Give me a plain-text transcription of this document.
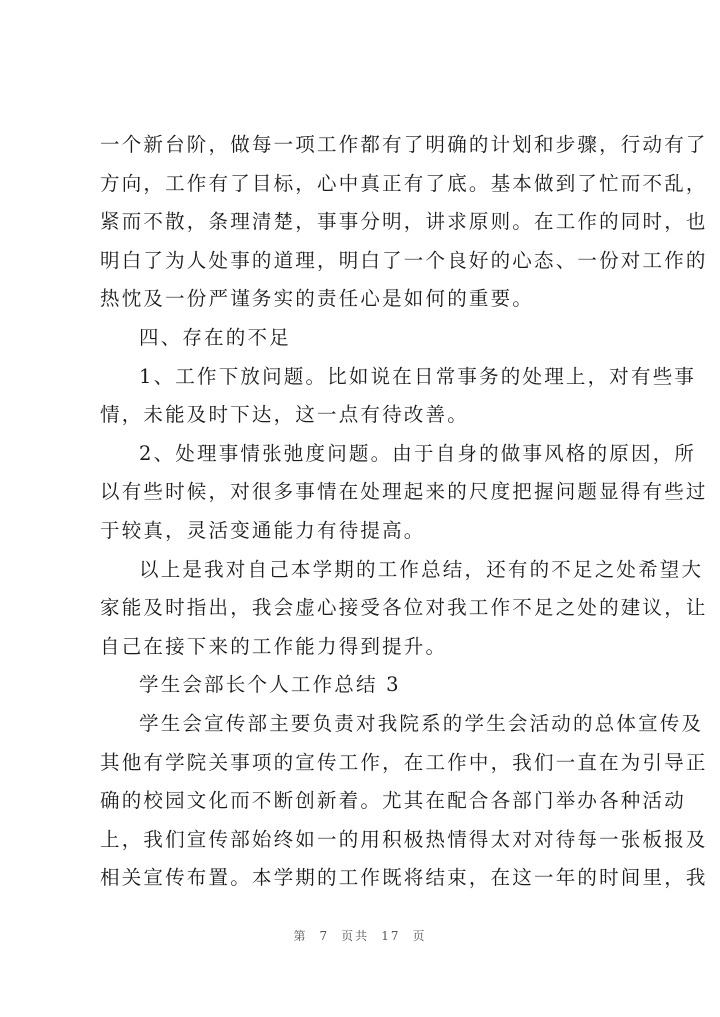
一个新台阶，做每一项工作都有了明确的计划和步骤，行动有了
方向，工作有了目标，心中真正有了底。基本做到了忙而不乱，
紧而不散，条理清楚，事事分明，讲求原则。在工作的同时，也
明白了为人处事的道理，明白了一个良好的心态、一份对工作的
热忱及一份严谨务实的责任心是如何的重要。
四、存在的不足
1、工作下放问题。比如说在日常事务的处理上，对有些事
情，未能及时下达，这一点有待改善。
2、处理事情张弛度问题。由于自身的做事风格的原因，所
以有些时候，对很多事情在处理起来的尺度把握问题显得有些过
于较真，灵活变通能力有待提高。
以上是我对自己本学期的工作总结，还有的不足之处希望大
家能及时指出，我会虚心接受各位对我工作不足之处的建议，让
自己在接下来的工作能力得到提升。
学生会部长个人工作总结 3
学生会宣传部主要负责对我院系的学生会活动的总体宣传及
其他有学院关事项的宣传工作，在工作中，我们一直在为引导正
确的校园文化而不断创新着。尤其在配合各部门举办各种活动
上，我们宣传部始终如一的用积极热情得太对对待每一张板报及
相关宣传布置。本学期的工作既将结束，在这一年的时间里，我
第 7 页共 17 页
